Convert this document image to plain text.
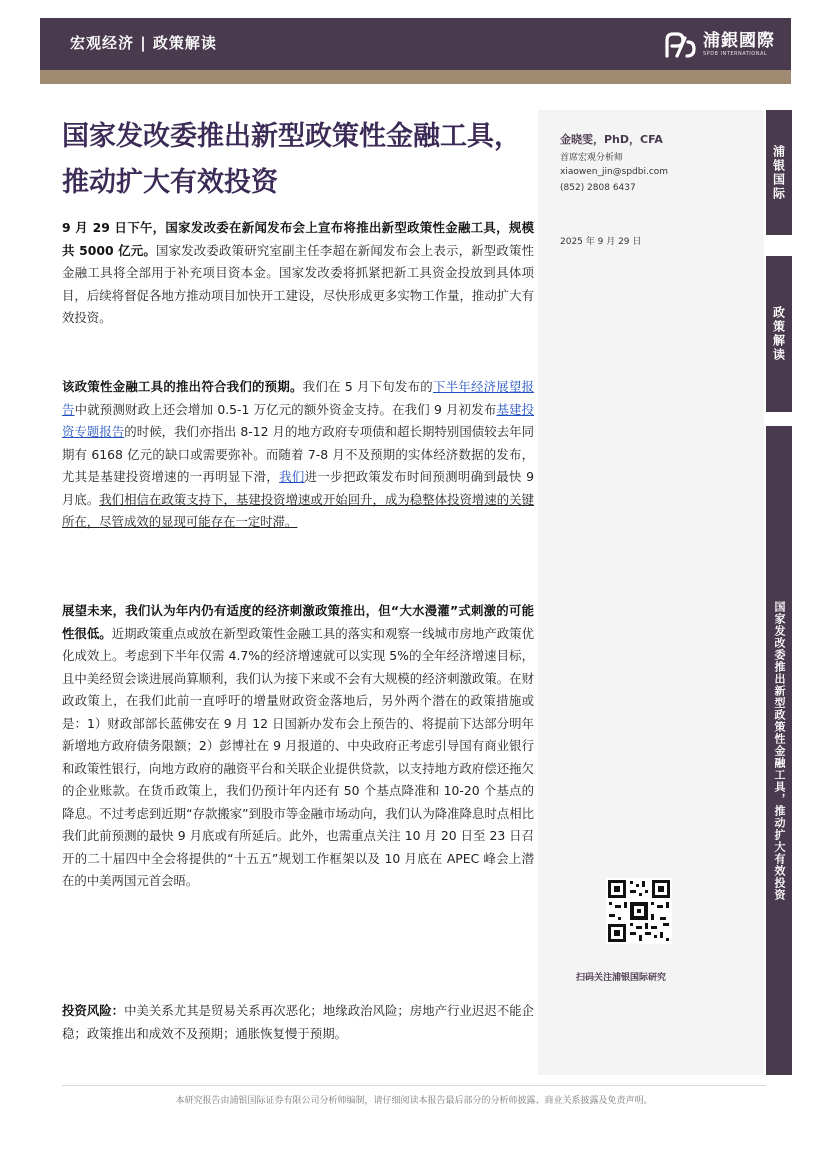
宏观经济 | 政策解读	浦銀國際
SPDB INTERNATIONAL
国家发改委推出新型政策性金融工具，推动扩大有效投资
金晓雯，PhD，CFA
首席宏观分析师
xiaowen_jin@spdbi.com
(852) 2808 6437
2025 年 9 月 29 日
扫码关注浦银国际研究
浦银国际
政策解读
国家发改委推出新型政策性金融工具，推动扩大有效投资

9 月 29 日下午，国家发改委在新闻发布会上宣布将推出新型政策性金融工具，规模共 5000 亿元。国家发改委政策研究室副主任李超在新闻发布会上表示，新型政策性金融工具将全部用于补充项目资本金。国家发改委将抓紧把新工具资金投放到具体项目，后续将督促各地方推动项目加快开工建设，尽快形成更多实物工作量，推动扩大有效投资。

该政策性金融工具的推出符合我们的预期。我们在 5 月下旬发布的下半年经济展望报告中就预测财政上还会增加 0.5-1 万亿元的额外资金支持。在我们 9 月初发布基建投资专题报告的时候，我们亦指出 8-12 月的地方政府专项债和超长期特别国债较去年同期有 6168 亿元的缺口或需要弥补。而随着 7-8 月不及预期的实体经济数据的发布，尤其是基建投资增速的一再明显下滑，我们进一步把政策发布时间预测明确到最快 9 月底。我们相信在政策支持下，基建投资增速或开始回升，成为稳整体投资增速的关键所在，尽管成效的显现可能存在一定时滞。

展望未来，我们认为年内仍有适度的经济刺激政策推出，但“大水漫灌”式刺激的可能性很低。近期政策重点或放在新型政策性金融工具的落实和观察一线城市房地产政策优化成效上。考虑到下半年仅需 4.7%的经济增速就可以实现 5%的全年经济增速目标，且中美经贸会谈进展尚算顺利，我们认为接下来或不会有大规模的经济刺激政策。在财政政策上，在我们此前一直呼吁的增量财政资金落地后，另外两个潜在的政策措施或是：1）财政部部长蓝佛安在 9 月 12 日国新办发布会上预告的、将提前下达部分明年新增地方政府债务限额；2）彭博社在 9 月报道的、中央政府正考虑引导国有商业银行和政策性银行，向地方政府的融资平台和关联企业提供贷款，以支持地方政府偿还拖欠的企业账款。在货币政策上，我们仍预计年内还有 50 个基点降准和 10-20 个基点的降息。不过考虑到近期“存款搬家”到股市等金融市场动向，我们认为降准降息时点相比我们此前预测的最快 9 月底或有所延后。此外，也需重点关注 10 月 20 日至 23 日召开的二十届四中全会将提供的“十五五”规划工作框架以及 10 月底在 APEC 峰会上潜在的中美两国元首会晤。

投资风险：中美关系尤其是贸易关系再次恶化；地缘政治风险；房地产行业迟迟不能企稳；政策推出和成效不及预期；通胀恢复慢于预期。

本研究报告由浦银国际证券有限公司分析师编制，请仔细阅读本报告最后部分的分析师披露、商业关系披露及免责声明。
